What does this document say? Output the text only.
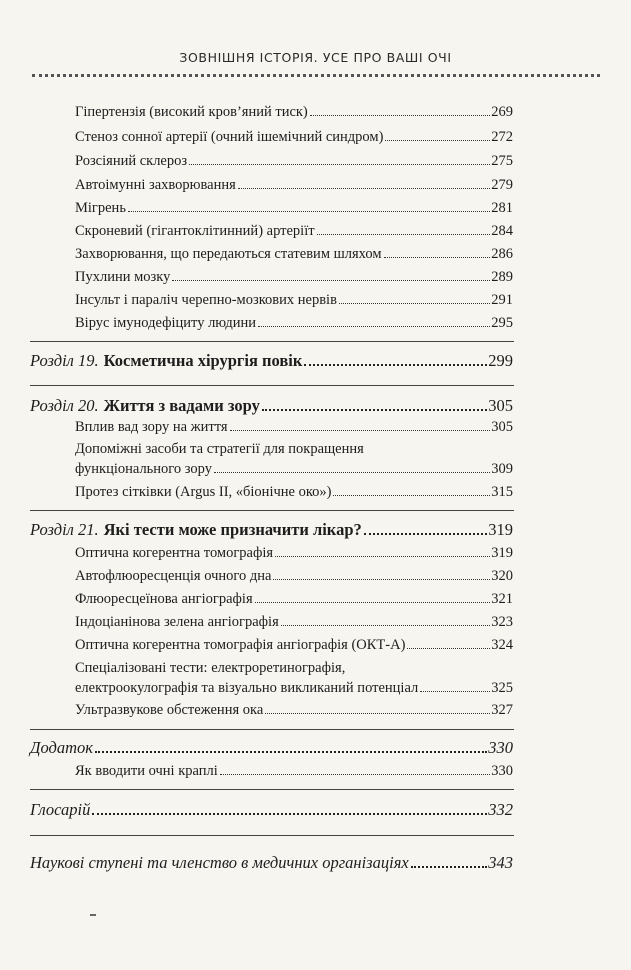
ЗОВНІШНЯ ІСТОРІЯ. УСЕ ПРО ВАШІ ОЧІ
Гіпертензія (високий кров’яний тиск)	269
Стеноз сонної артерії (очний ішемічний синдром)	272
Розсіяний склероз	275
Автоімунні захворювання	279
Мігрень	281
Скроневий (гігантоклітинний) артеріїт	284
Захворювання, що передаються статевим шляхом	286
Пухлини мозку	289
Інсульт і параліч черепно-мозкових нервів	291
Вірус імунодефіциту людини	295
Розділ 19. Косметична хірургія повік	299
Розділ 20. Життя з вадами зору	305
Вплив вад зору на життя	305
Допоміжні засоби та стратегії для покращення
функціонального зору	309
Протез сітківки (Argus II, «біонічне око»)	315
Розділ 21. Які тести може призначити лікар?	319
Оптична когерентна томографія	319
Автофлюоресценція очного дна	320
Флюоресцеїнова ангіографія	321
Індоціанінова зелена ангіографія	323
Оптична когерентна томографія ангіографія (ОКТ-А)	324
Спеціалізовані тести: електроретинографія,
електроокулографія та візуально викликаний потенціал	325
Ультразвукове обстеження ока	327
Додаток	330
Як вводити очні краплі	330
Глосарій	332
Наукові ступені та членство в медичних організаціях	343
